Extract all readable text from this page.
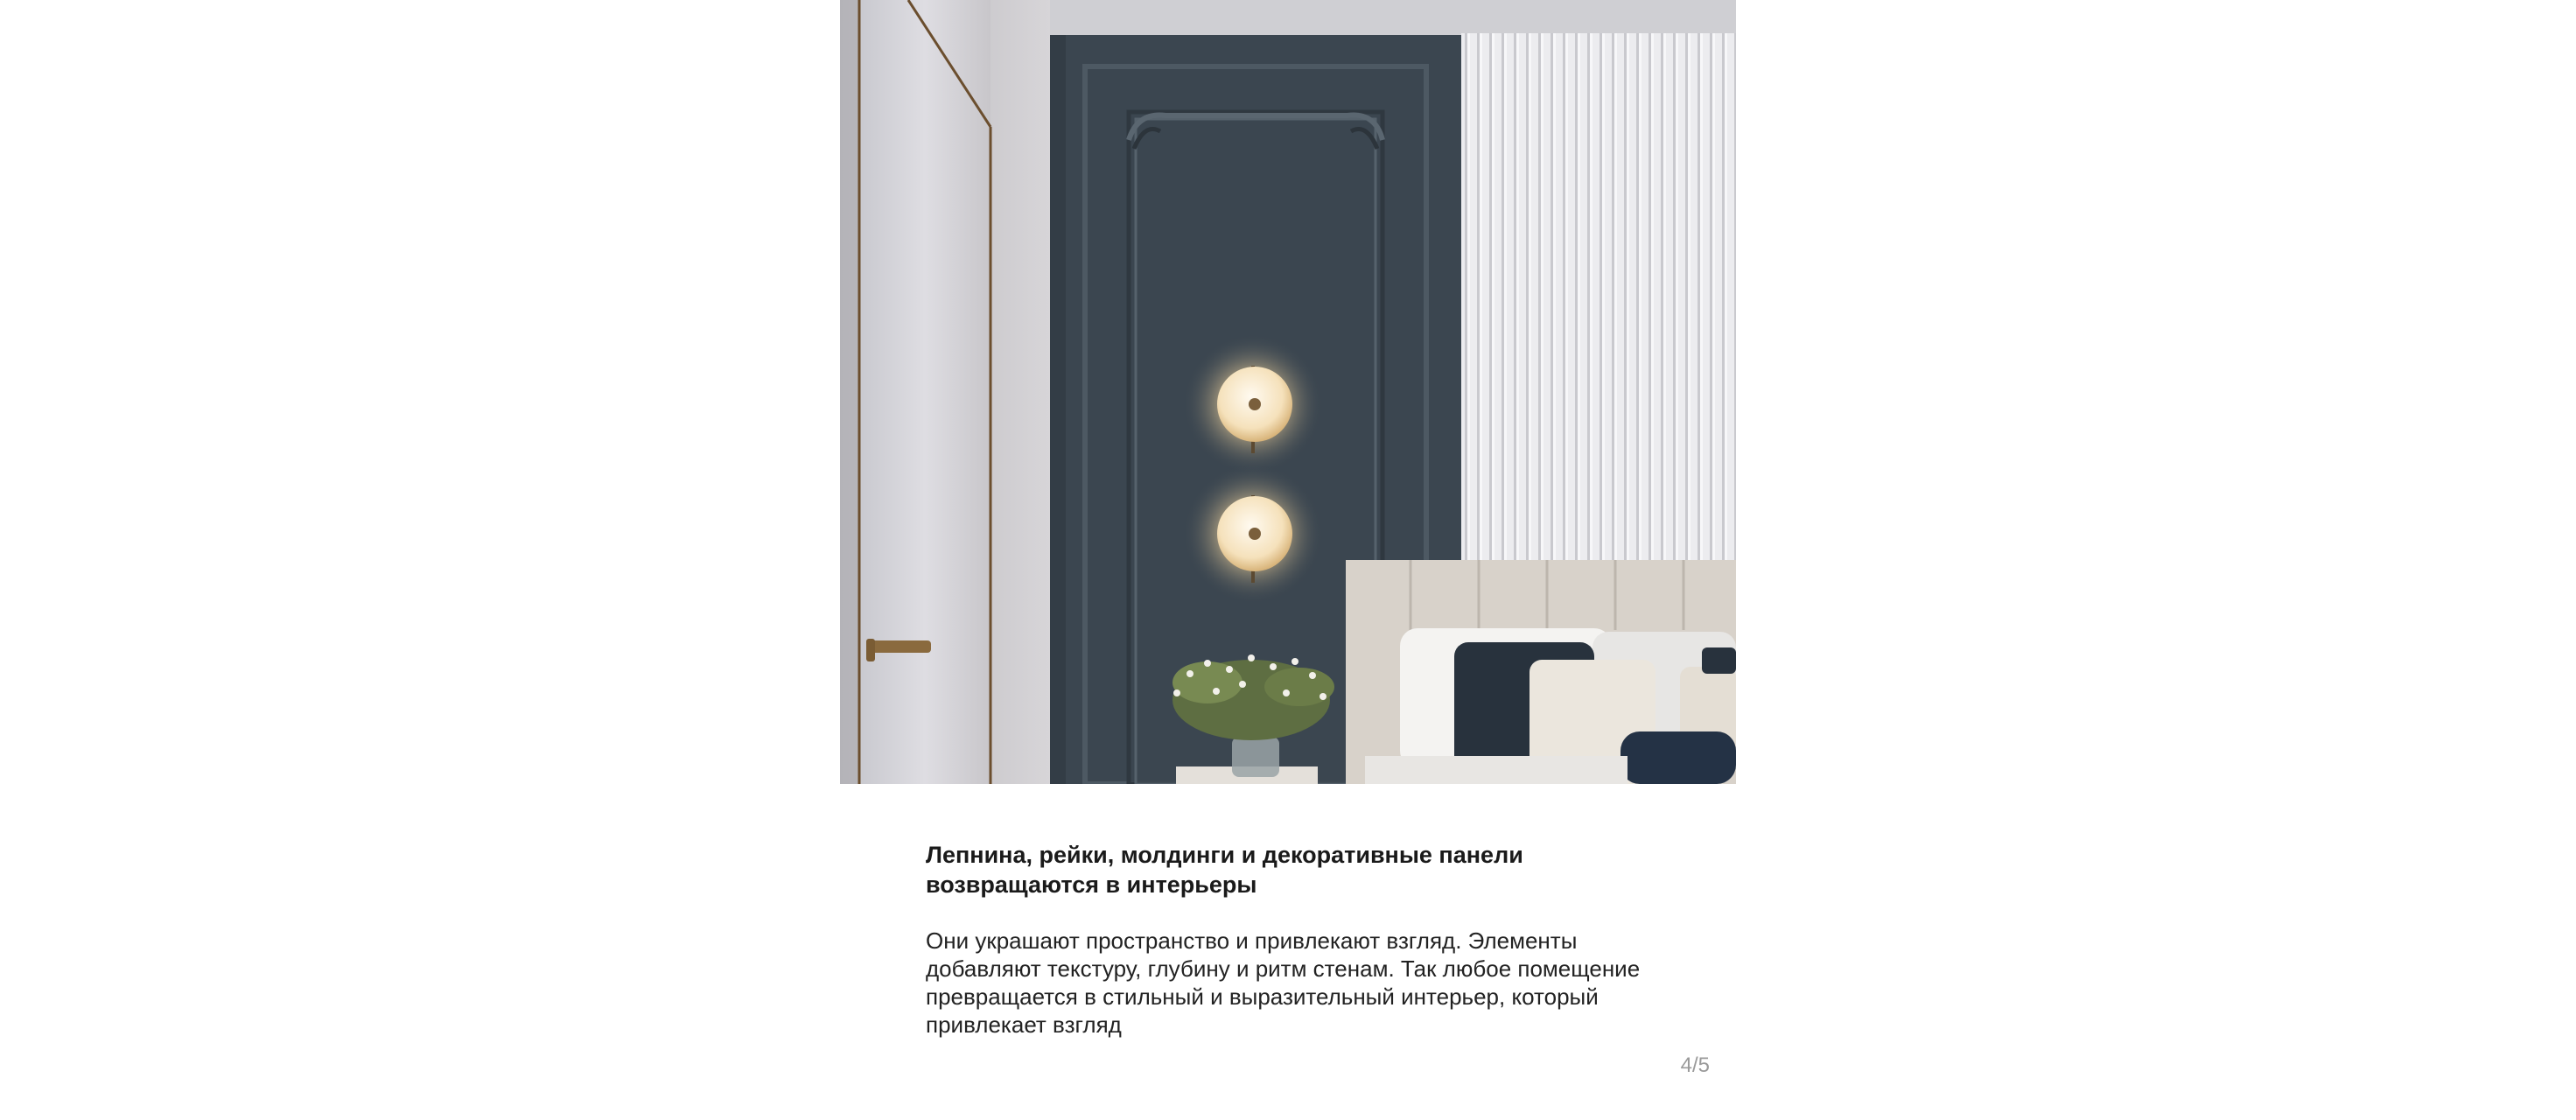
Лепнина, рейки, молдинги и декоративные панели возвращаются в интерьеры

Они украшают пространство и привлекают взгляд. Элементы добавляют текстуру, глубину и ритм стенам. Так любое помещение превращается в стильный и выразительный интерьер, который привлекает взгляд

4/5
